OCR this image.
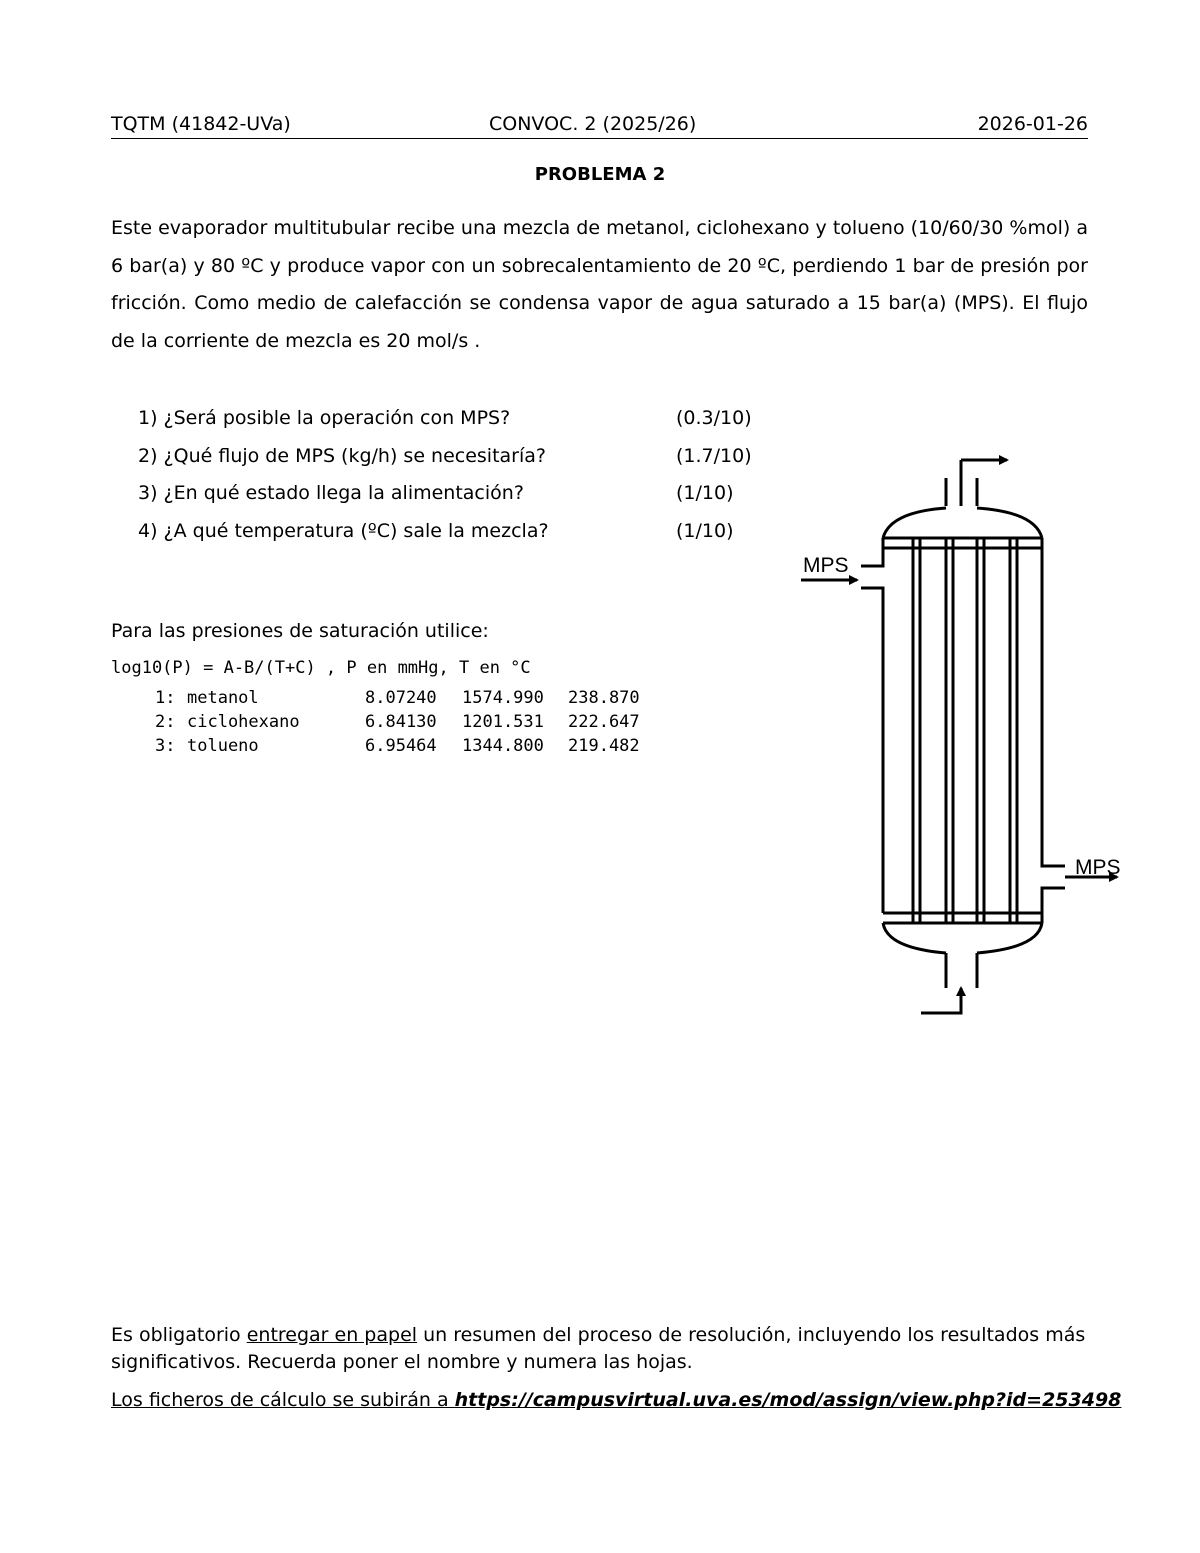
TQTM (41842-UVa)	CONVOC. 2 (2025/26)	2026-01-26
PROBLEMA 2
Este evaporador multitubular recibe una mezcla de metanol, ciclohexano y tolueno (10/60/30 %mol) a 6 bar(a) y 80 ºC y produce vapor con un sobrecalentamiento de 20 ºC, perdiendo 1 bar de presión por fricción. Como medio de calefacción se condensa vapor de agua saturado a 15 bar(a) (MPS). El flujo de la corriente de mezcla es 20 mol/s .
1) ¿Será posible la operación con MPS?	(0.3/10)
2) ¿Qué flujo de MPS (kg/h) se necesitaría?	(1.7/10)
3) ¿En qué estado llega la alimentación?	(1/10)
4) ¿A qué temperatura (ºC) sale la mezcla?	(1/10)
Para las presiones de saturación utilice:
log10(P) = A-B/(T+C) , P en mmHg, T en °C
1:	metanol	8.07240	1574.990	238.870
2:	ciclohexano	6.84130	1201.531	222.647
3:	tolueno	6.95464	1344.800	219.482
MPS
MPS
Es obligatorio entregar en papel un resumen del proceso de resolución, incluyendo los resultados más significativos. Recuerda poner el nombre y numera las hojas.
Los ficheros de cálculo se subirán a https://campusvirtual.uva.es/mod/assign/view.php?id=253498
